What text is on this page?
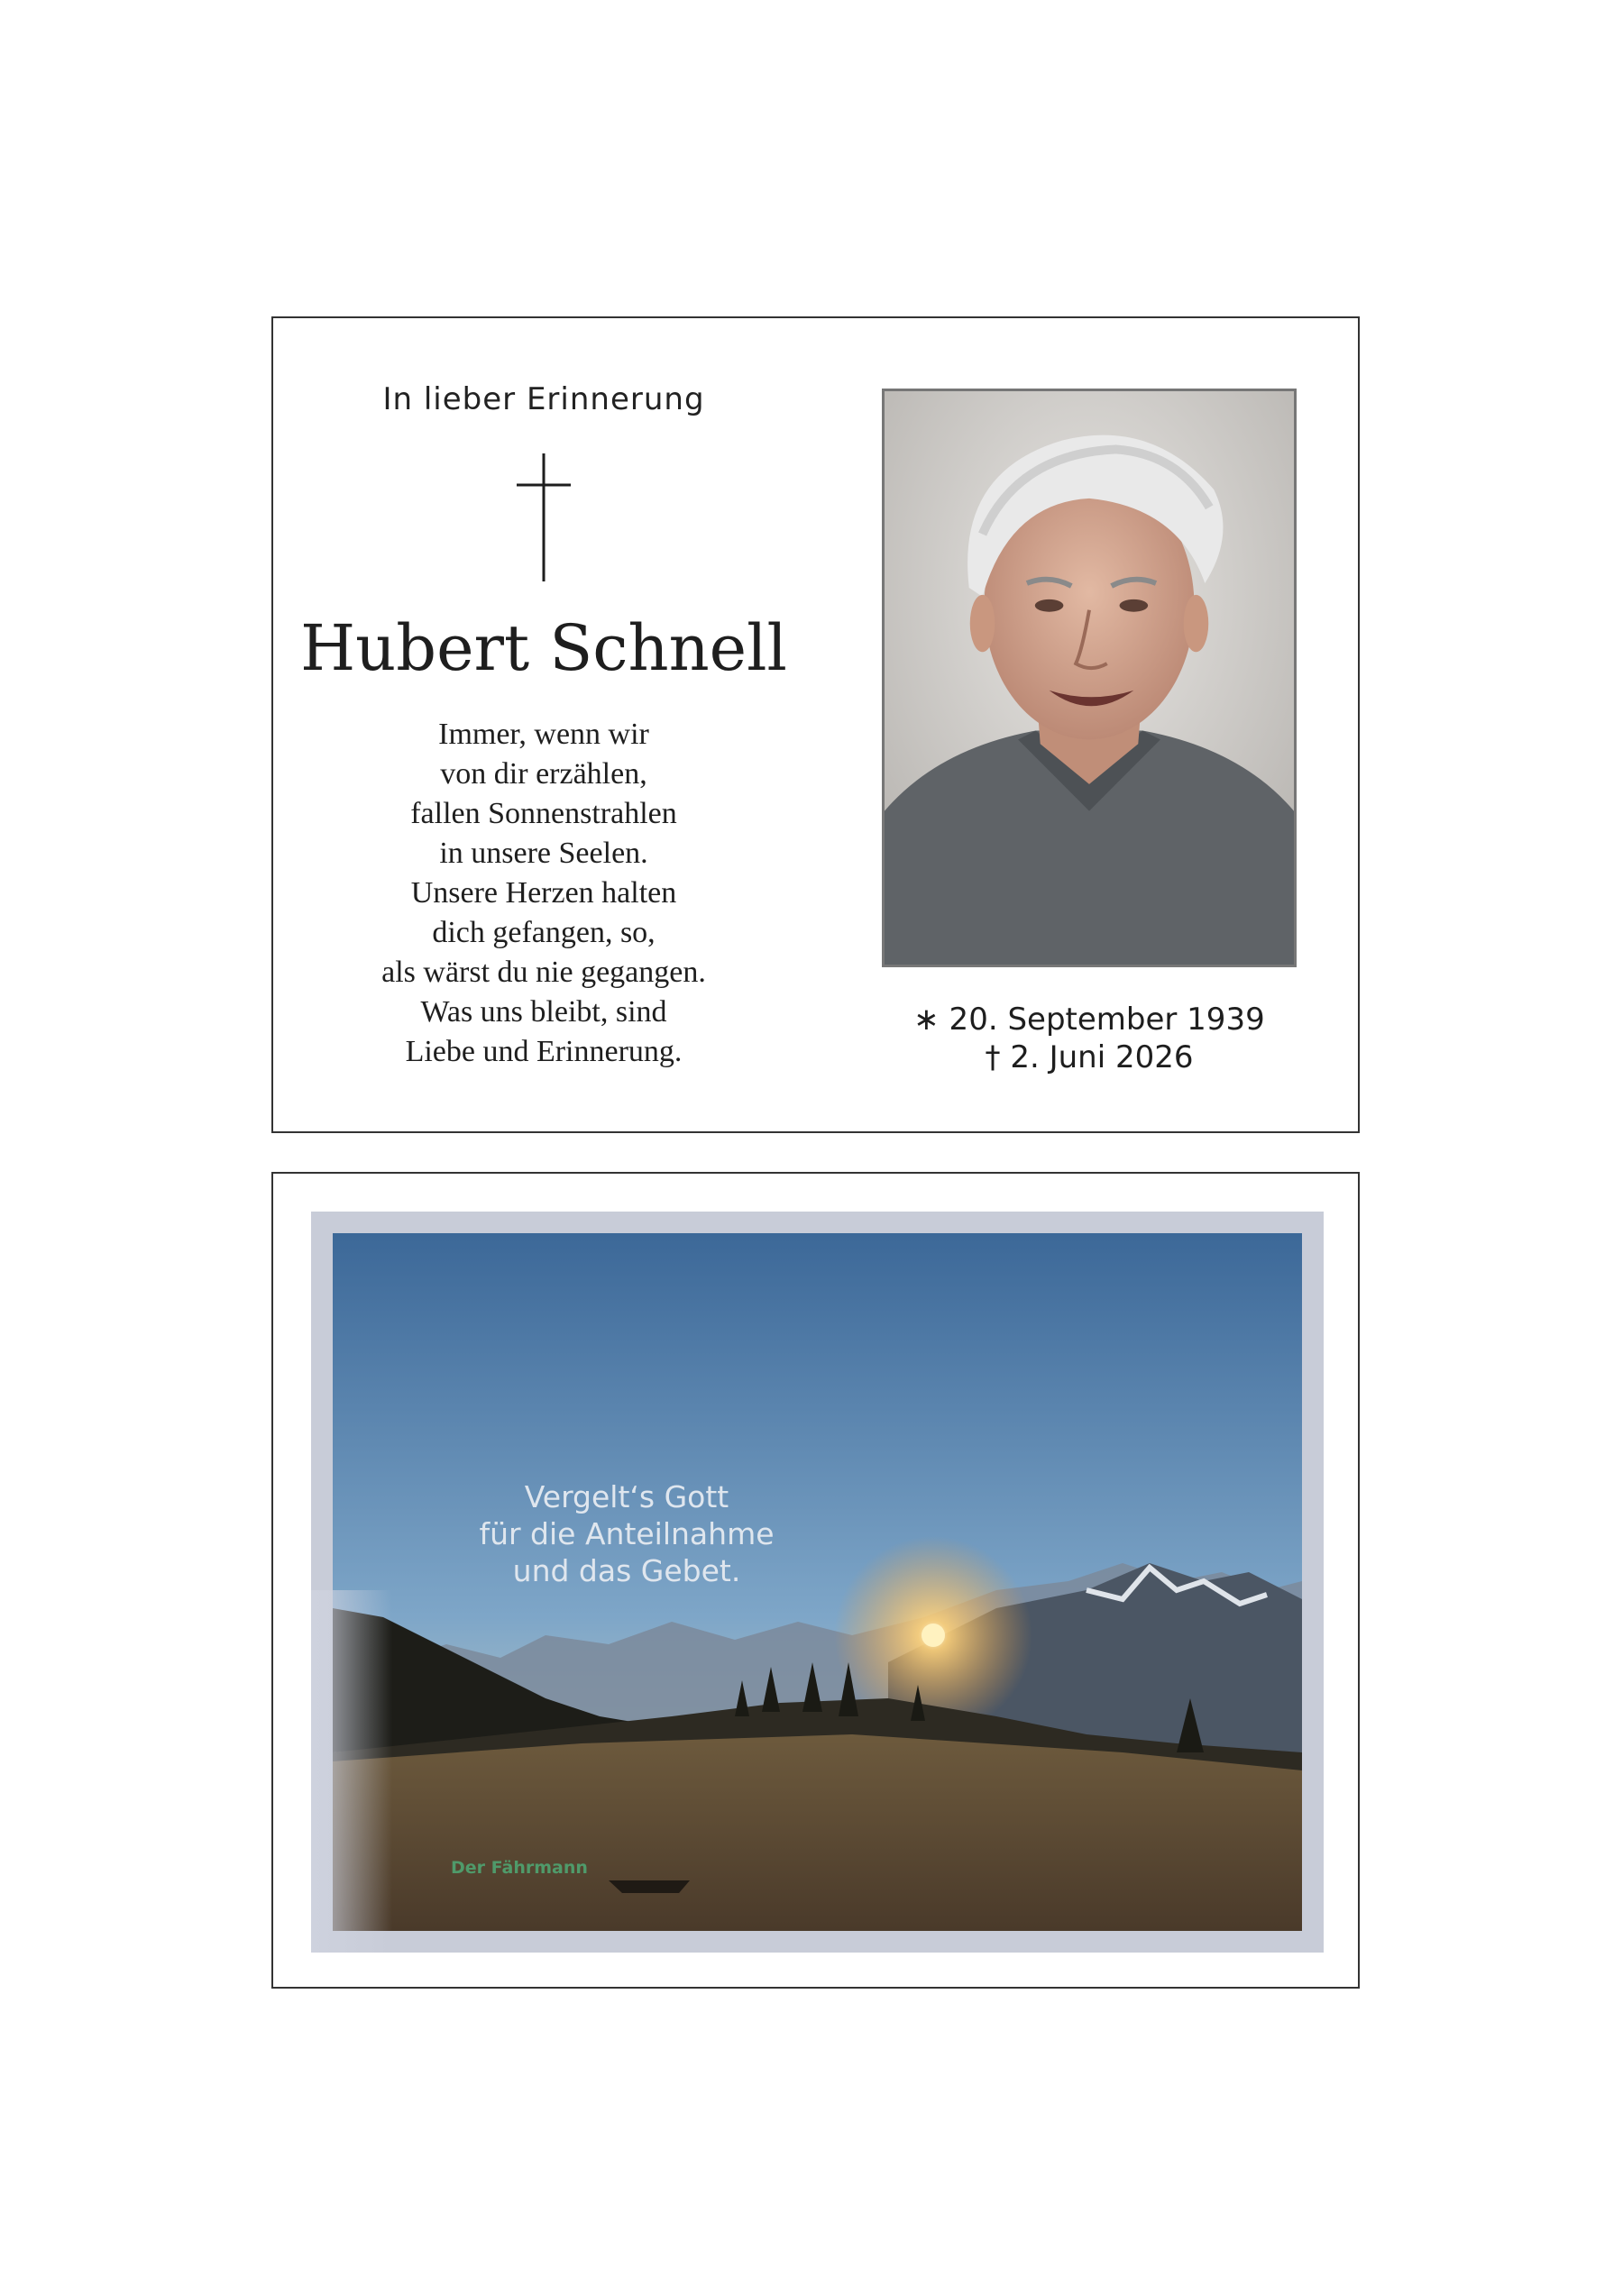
In lieber Erinnerung
Hubert Schnell
Immer, wenn wir
von dir erzählen,
fallen Sonnenstrahlen
in unsere Seelen.
Unsere Herzen halten
dich gefangen, so,
als wärst du nie gegangen.
Was uns bleibt, sind
Liebe und Erinnerung.
∗ 20. September 1939
† 2. Juni 2026
Vergelt‘s Gott
für die Anteilnahme
und das Gebet.
Der Fährmann
